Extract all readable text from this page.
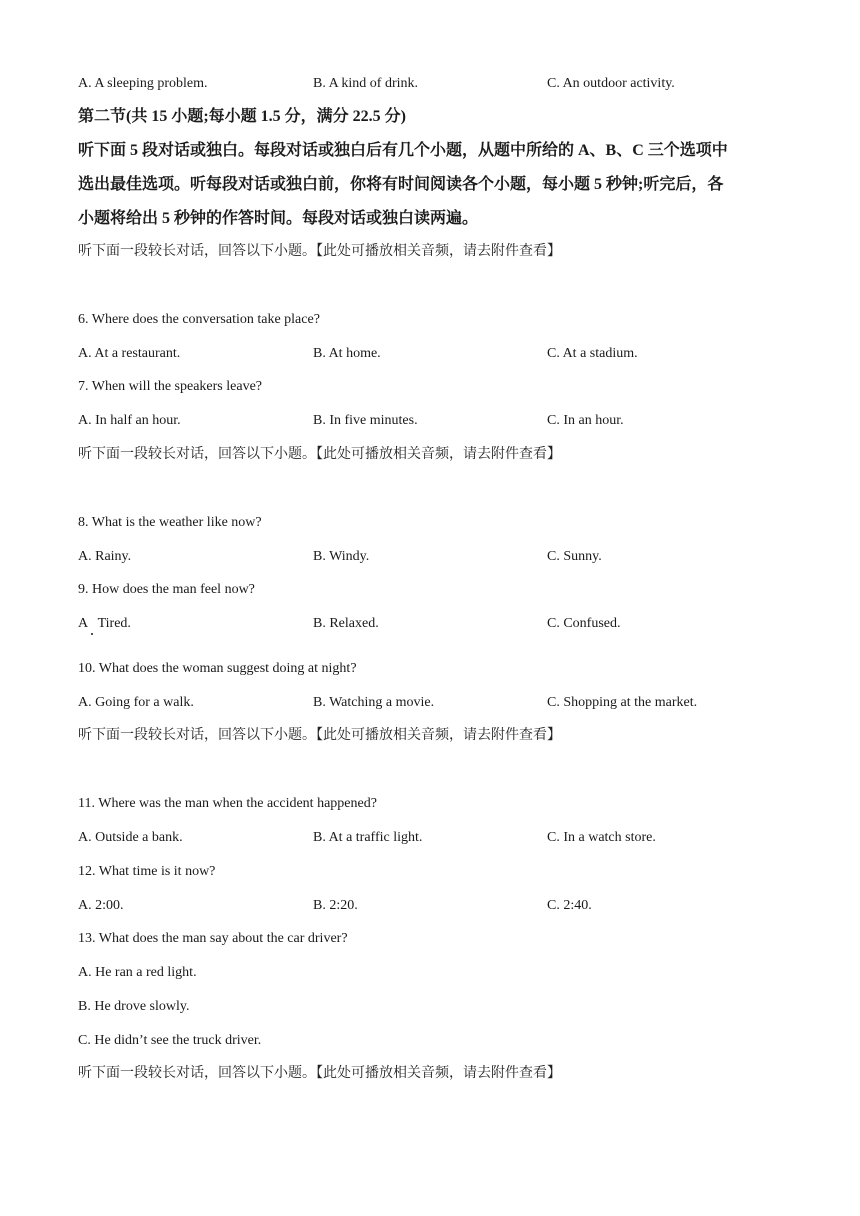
A. A sleeping problem.	B. A kind of drink.	C. An outdoor activity.
第二节(共 15 小题;每小题 1.5 分，满分 22.5 分)
听下面 5 段对话或独白。每段对话或独白后有几个小题，从题中所给的 A、B、C 三个选项中
选出最佳选项。听每段对话或独白前，你将有时间阅读各个小题，每小题 5 秒钟;听完后，各
小题将给出 5 秒钟的作答时间。每段对话或独白读两遍。
听下面一段较长对话，回答以下小题。【此处可播放相关音频，请去附件查看】
6. Where does the conversation take place?
A. At a restaurant.	B. At home.	C. At a stadium.
7. When will the speakers leave?
A. In half an hour.	B. In five minutes.	C. In an hour.
听下面一段较长对话，回答以下小题。【此处可播放相关音频，请去附件查看】
8. What is the weather like now?
A. Rainy.	B. Windy.	C. Sunny.
9. How does the man feel now?
A   Tired.	B. Relaxed.	C. Confused.
10. What does the woman suggest doing at night?
A. Going for a walk.	B. Watching a movie.	C. Shopping at the market.
听下面一段较长对话，回答以下小题。【此处可播放相关音频，请去附件查看】
11. Where was the man when the accident happened?
A. Outside a bank.	B. At a traffic light.	C. In a watch store.
12. What time is it now?
A. 2:00.	B. 2:20.	C. 2:40.
13. What does the man say about the car driver?
A. He ran a red light.
B. He drove slowly.
C. He didn’t see the truck driver.
听下面一段较长对话，回答以下小题。【此处可播放相关音频，请去附件查看】
